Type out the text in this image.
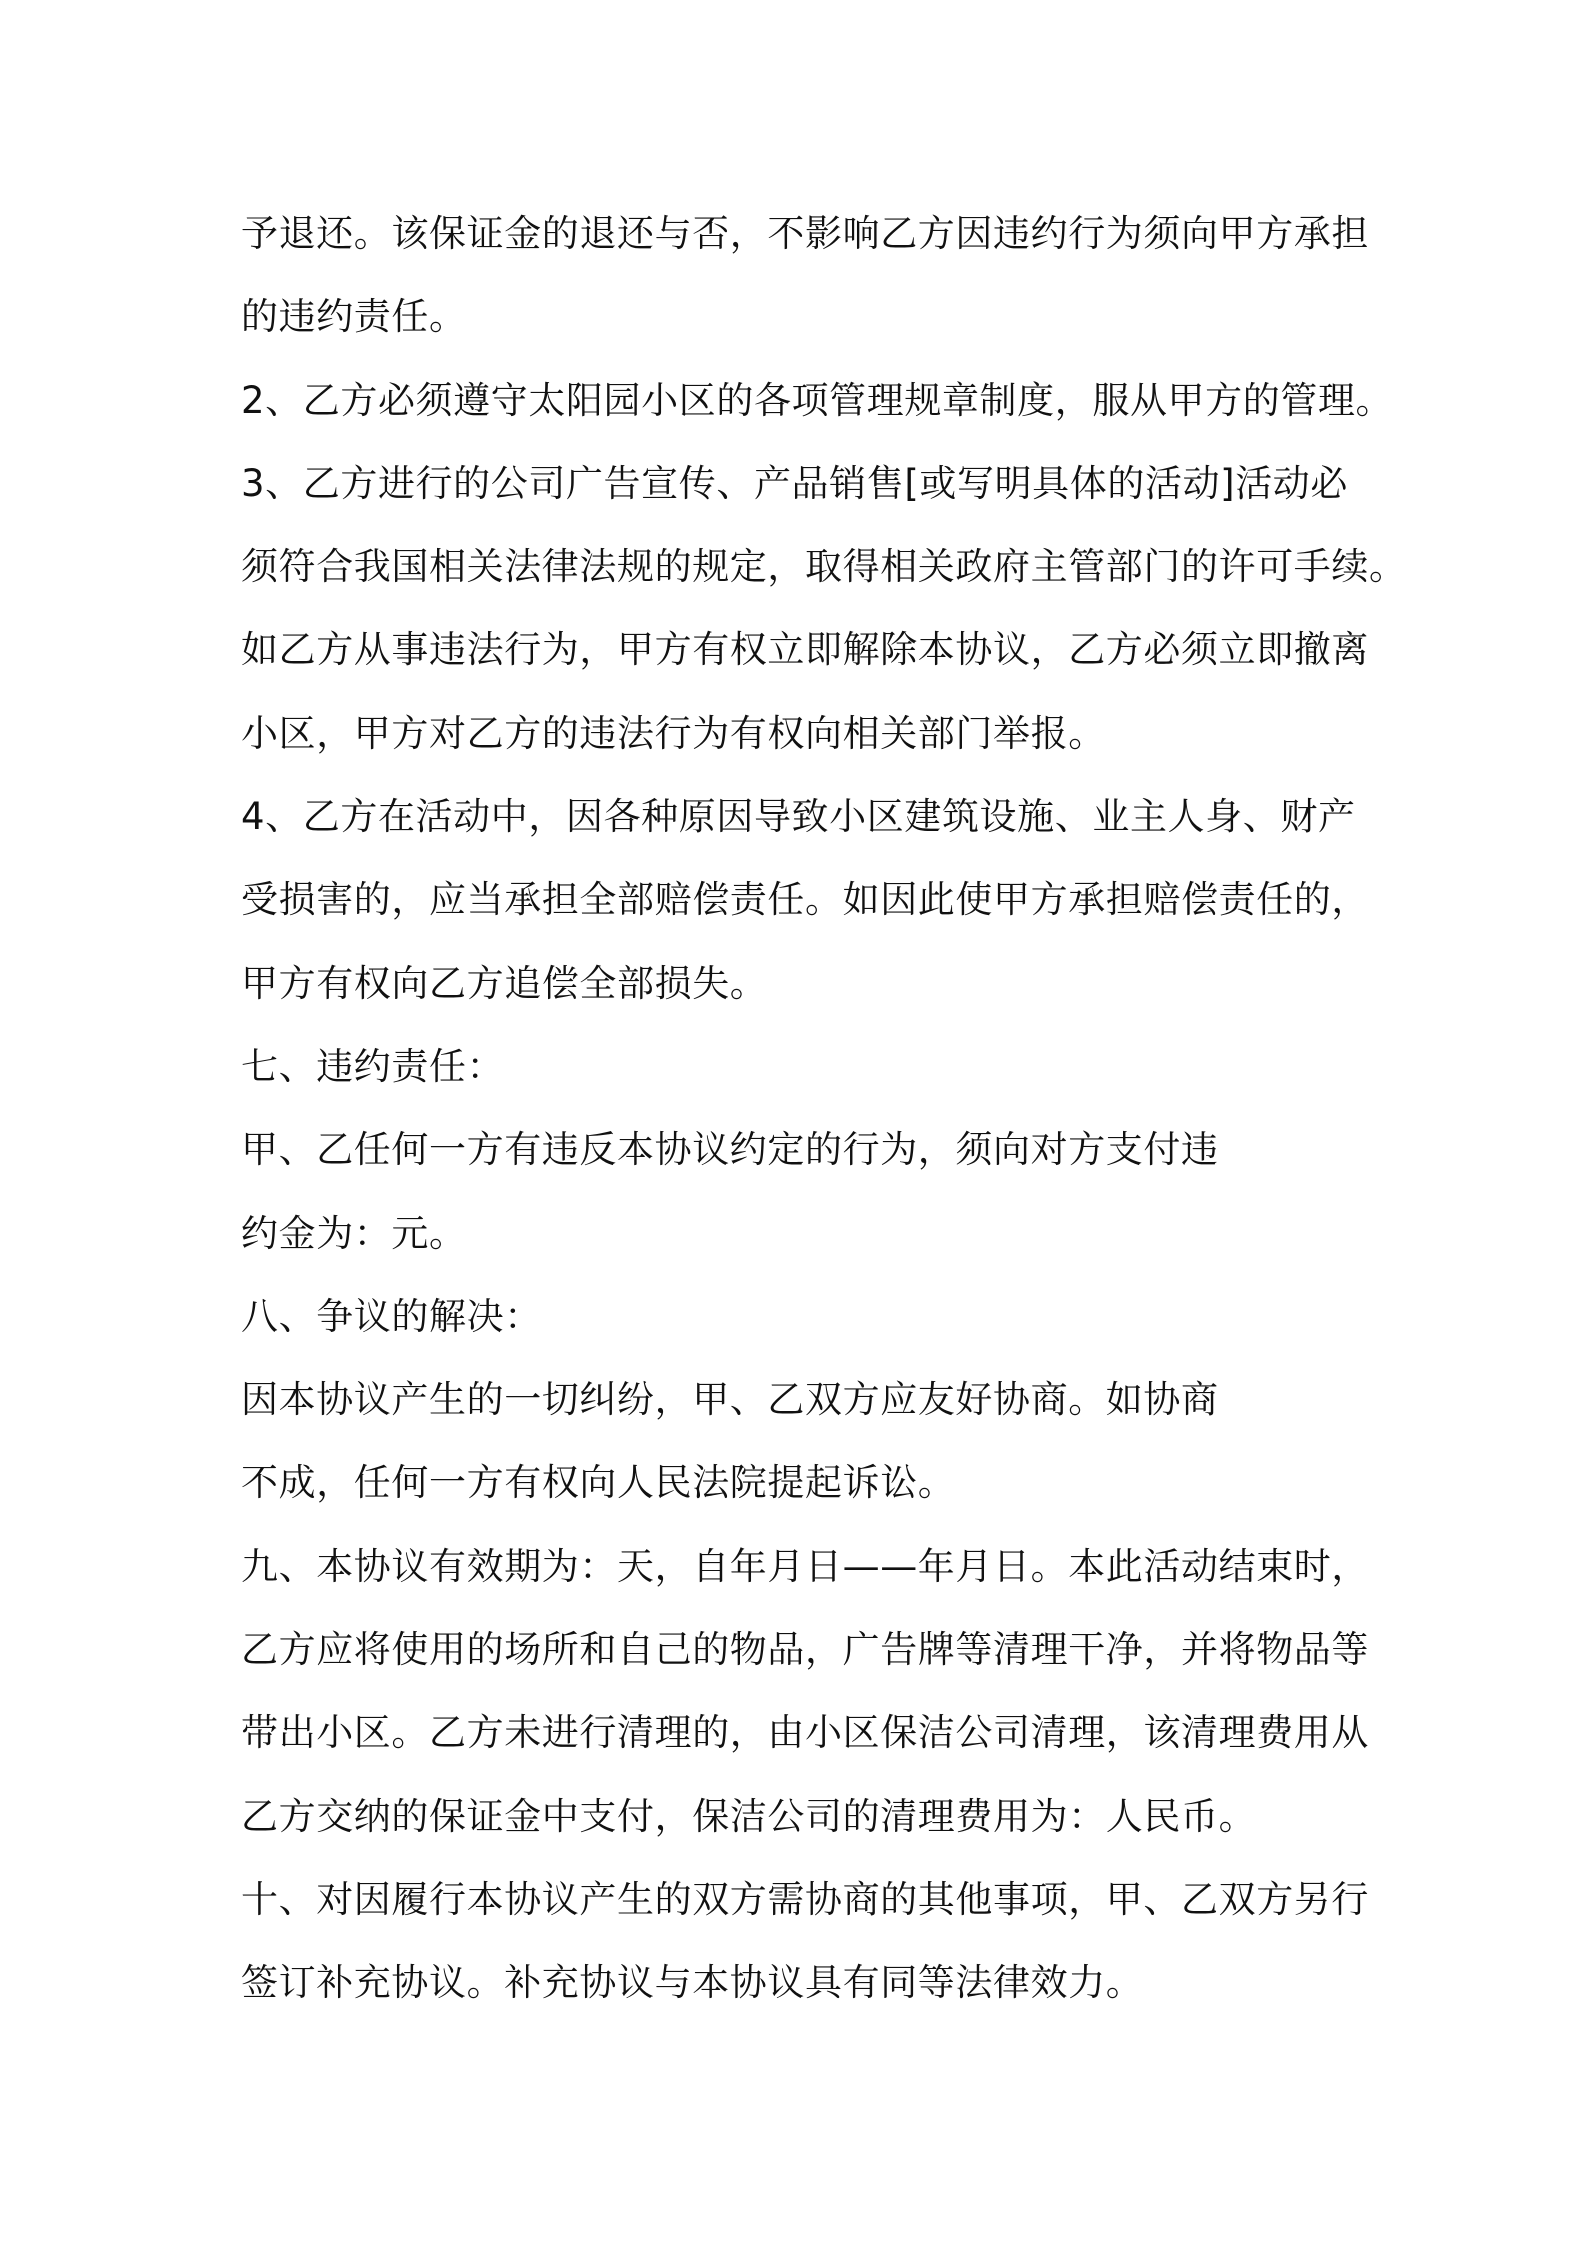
予退还。该保证金的退还与否，不影响乙方因违约行为须向甲方承担
的违约责任。
2、乙方必须遵守太阳园小区的各项管理规章制度，服从甲方的管理。
3、乙方进行的公司广告宣传、产品销售[或写明具体的活动]活动必
须符合我国相关法律法规的规定，取得相关政府主管部门的许可手续。
如乙方从事违法行为，甲方有权立即解除本协议，乙方必须立即撤离
小区，甲方对乙方的违法行为有权向相关部门举报。
4、乙方在活动中，因各种原因导致小区建筑设施、业主人身、财产
受损害的，应当承担全部赔偿责任。如因此使甲方承担赔偿责任的，
甲方有权向乙方追偿全部损失。
七、违约责任：
甲、乙任何一方有违反本协议约定的行为，须向对方支付违
约金为：元。
八、争议的解决：
因本协议产生的一切纠纷，甲、乙双方应友好协商。如协商
不成，任何一方有权向人民法院提起诉讼。
九、本协议有效期为：天，自年月日——年月日。本此活动结束时，
乙方应将使用的场所和自己的物品，广告牌等清理干净，并将物品等
带出小区。乙方未进行清理的，由小区保洁公司清理，该清理费用从
乙方交纳的保证金中支付，保洁公司的清理费用为：人民币。
十、对因履行本协议产生的双方需协商的其他事项，甲、乙双方另行
签订补充协议。补充协议与本协议具有同等法律效力。
